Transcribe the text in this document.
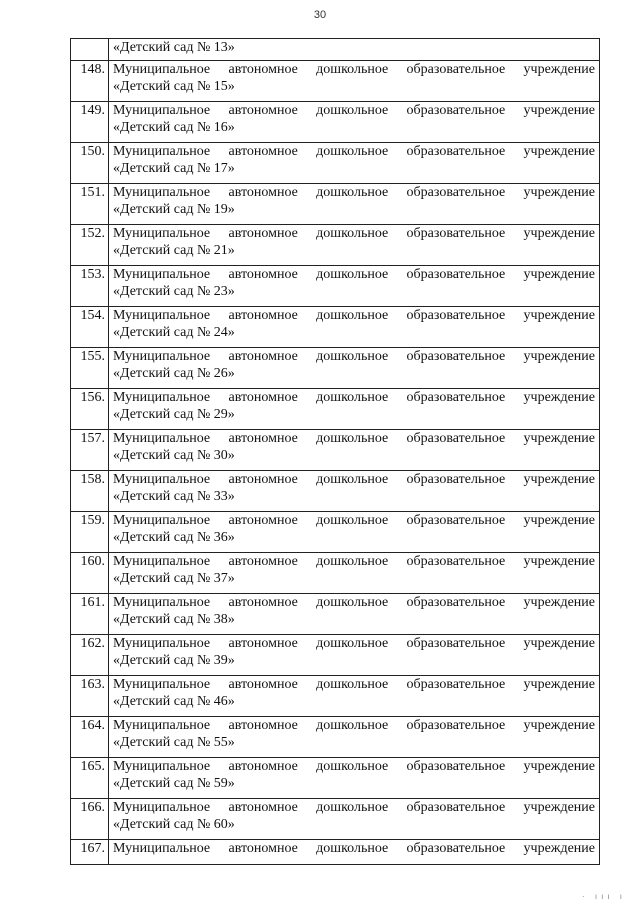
30

	«Детский сад № 13»

148.	Муниципальное автономное дошкольное образовательное учреждение
«Детский сад № 15»

149.	Муниципальное автономное дошкольное образовательное учреждение
«Детский сад № 16»

150.	Муниципальное автономное дошкольное образовательное учреждение
«Детский сад № 17»

151.	Муниципальное автономное дошкольное образовательное учреждение
«Детский сад № 19»

152.	Муниципальное автономное дошкольное образовательное учреждение
«Детский сад № 21»

153.	Муниципальное автономное дошкольное образовательное учреждение
«Детский сад № 23»

154.	Муниципальное автономное дошкольное образовательное учреждение
«Детский сад № 24»

155.	Муниципальное автономное дошкольное образовательное учреждение
«Детский сад № 26»

156.	Муниципальное автономное дошкольное образовательное учреждение
«Детский сад № 29»

157.	Муниципальное автономное дошкольное образовательное учреждение
«Детский сад № 30»

158.	Муниципальное автономное дошкольное образовательное учреждение
«Детский сад № 33»

159.	Муниципальное автономное дошкольное образовательное учреждение
«Детский сад № 36»

160.	Муниципальное автономное дошкольное образовательное учреждение
«Детский сад № 37»

161.	Муниципальное автономное дошкольное образовательное учреждение
«Детский сад № 38»

162.	Муниципальное автономное дошкольное образовательное учреждение
«Детский сад № 39»

163.	Муниципальное автономное дошкольное образовательное учреждение
«Детский сад № 46»

164.	Муниципальное автономное дошкольное образовательное учреждение
«Детский сад № 55»

165.	Муниципальное автономное дошкольное образовательное учреждение
«Детский сад № 59»

166.	Муниципальное автономное дошкольное образовательное учреждение
«Детский сад № 60»

167.	Муниципальное автономное дошкольное образовательное учреждение
· ııı ı
